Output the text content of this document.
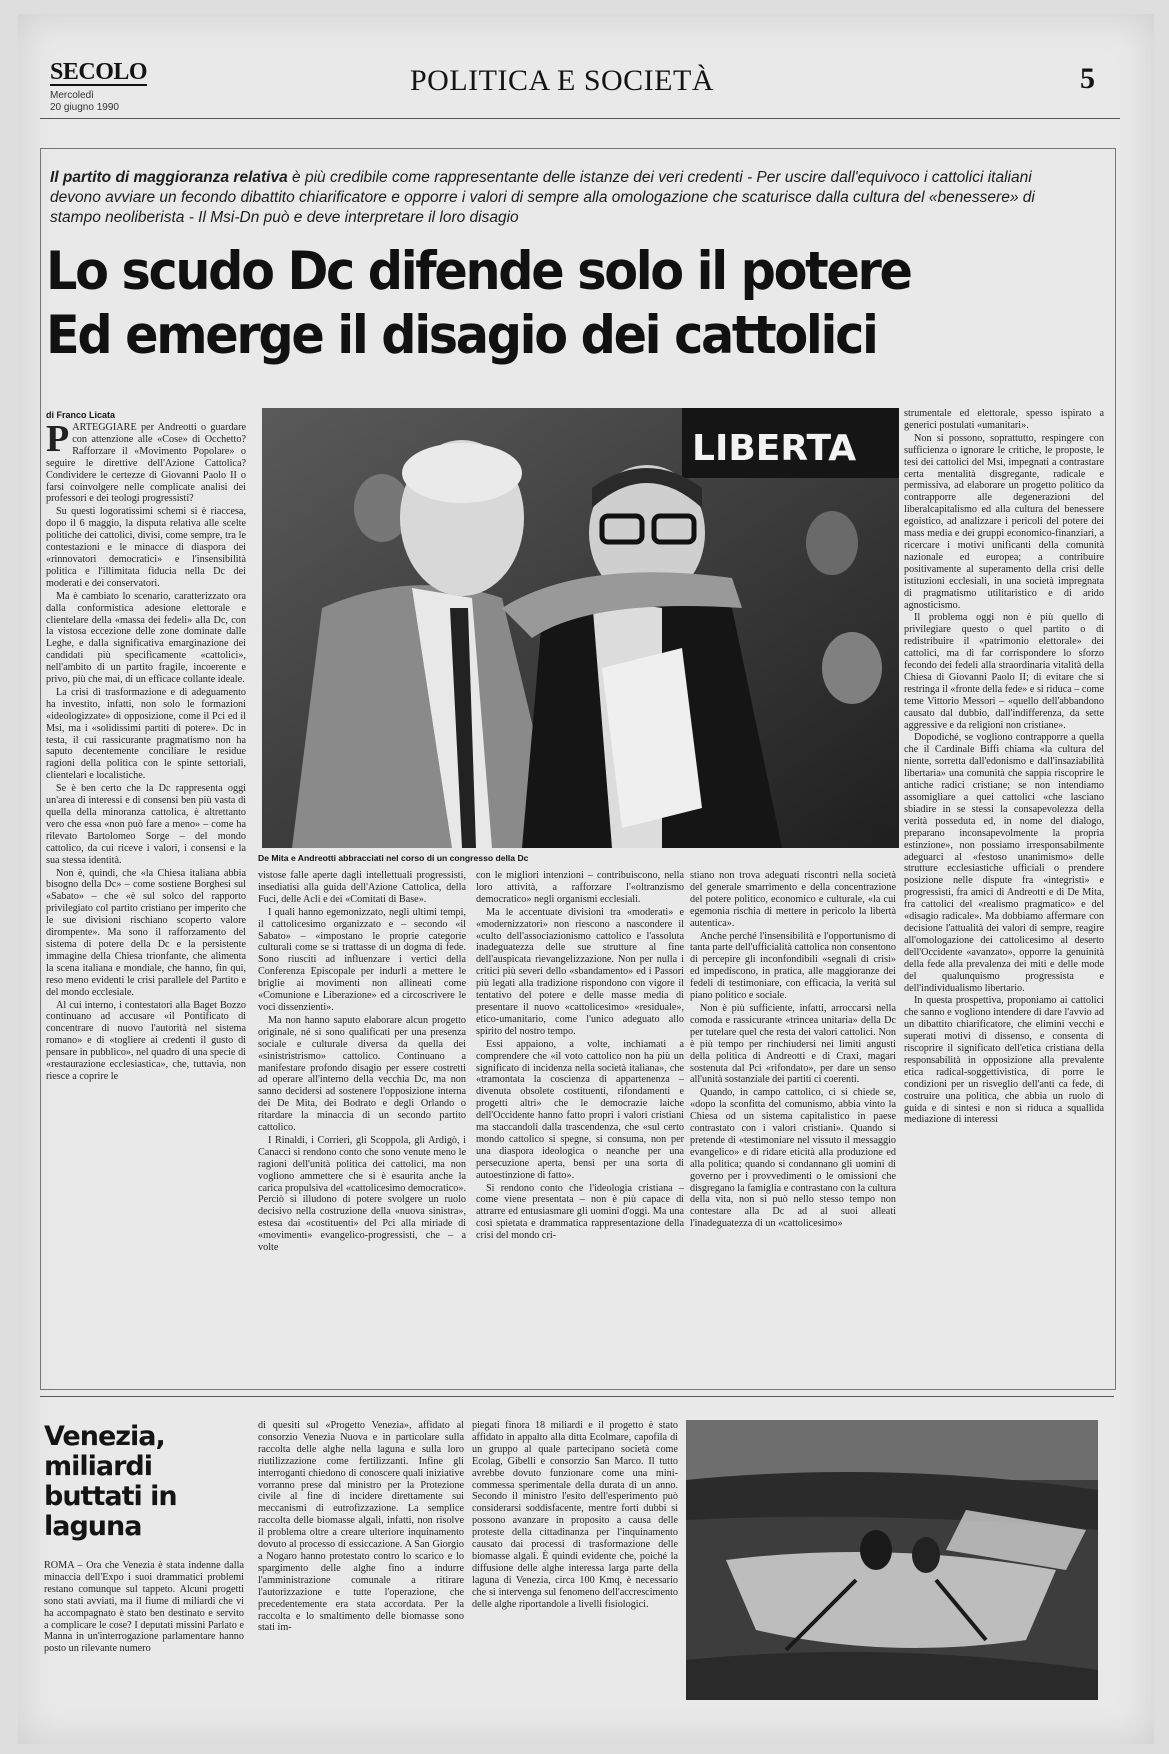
SECOLO
Mercoledì
20 giugno 1990
POLITICA E SOCIETÀ	5
Il partito di maggioranza relativa è più credibile come rappresentante delle istanze dei veri credenti - Per uscire dall'equivoco i cattolici italiani devono avviare un fecondo dibattito chiarificatore e opporre i valori di sempre alla omologazione che scaturisce dalla cultura del «benessere» di stampo neoliberista - Il Msi-Dn può e deve interpretare il loro disagio
Lo scudo Dc difende solo il potere
Ed emerge il disagio dei cattolici
di Franco Licata

PARTEGGIARE per Andreotti o guardare con attenzione alle «Cose» di Occhetto? Rafforzare il «Movimento Popolare» o seguire le direttive dell'Azione Cattolica? Condividere le certezze di Giovanni Paolo II o farsi coinvolgere nelle complicate analisi dei professori e dei teologi progressisti?

Su questi logoratissimi schemi si è riaccesa, dopo il 6 maggio, la disputa relativa alle scelte politiche dei cattolici, divisi, come sempre, tra le contestazioni e le minacce di diaspora dei «rinnovatori democratici» e l'insensibilità politica e l'illimitata fiducia nella Dc dei moderati e dei conservatori.

Ma è cambiato lo scenario, caratterizzato ora dalla conformistica adesione elettorale e clientelare della «massa dei fedeli» alla Dc, con la vistosa eccezione delle zone dominate dalle Leghe, e dalla significativa emarginazione dei candidati più specificamente «cattolici», nell'ambito di un partito fragile, incoerente e privo, più che mai, di un efficace collante ideale.

La crisi di trasformazione e di adeguamento ha investito, infatti, non solo le formazioni «ideologizzate» di opposizione, come il Pci ed il Msi, ma i «solidissimi partiti di potere». Dc in testa, il cui rassicurante pragmatismo non ha saputo decentemente conciliare le residue ragioni della politica con le spinte settoriali, clientelari e localistiche.

Se è ben certo che la Dc rappresenta oggi un'area di interessi e di consensi ben più vasta di quella della minoranza cattolica, è altrettanto vero che essa «non può fare a meno» – come ha rilevato Bartolomeo Sorge – del mondo cattolico, da cui riceve i valori, i consensi e la sua stessa identità.

Non è, quindi, che «la Chiesa italiana abbia bisogno della Dc» – come sostiene Borghesi sul «Sabato» – che «è sul solco del rapporto privilegiato col partito cristiano per imperito che le sue divisioni rischiano scoperto valore dirompente». Ma sono il rafforzamento del sistema di potere della Dc e la persistente immagine della Chiesa trionfante, che alimenta la scena italiana e mondiale, che hanno, fin qui, reso meno evidenti le crisi parallele del Partito e del mondo ecclesiale.

Al cui interno, i contestatori alla Baget Bozzo continuano ad accusare «il Pontificato di concentrare di nuovo l'autorità nel sistema romano» e di «togliere ai credenti il gusto di pensare in pubblico», nel quadro di una specie di «restaurazione ecclesiastica», che, tuttavia, non riesce a coprire le

LIBERTA
De Mita e Andreotti abbracciati nel corso di un congresso della Dc

vistose falle aperte dagli intellettuali progressisti, insediatisi alla guida dell'Azione Cattolica, della Fuci, delle Acli e dei «Comitati di Base».

I quali hanno egemonizzato, negli ultimi tempi, il cattolicesimo organizzato e – secondo «il Sabato» – «impostano le proprie categorie culturali come se si trattasse di un dogma di fede. Sono riusciti ad influenzare i vertici della Conferenza Episcopale per indurli a mettere le briglie ai movimenti non allineati come «Comunione e Liberazione» ed a circoscrivere le voci dissenzienti».

Ma non hanno saputo elaborare alcun progetto originale, né si sono qualificati per una presenza sociale e culturale diversa da quella dei «sinistristrismo» cattolico. Continuano a manifestare profondo disagio per essere costretti ad operare all'interno della vecchia Dc, ma non sanno decidersi ad sostenere l'opposizione interna dei De Mita, dei Bodrato e degli Orlando o ritardare la minaccia di un secondo partito cattolico.

I Rinaldi, i Corrieri, gli Scoppola, gli Ardigò, i Canacci si rendono conto che sono venute meno le ragioni dell'unità politica dei cattolici, ma non vogliono ammettere che si è esaurita anche la carica propulsiva del «cattolicesimo democratico». Perciò si illudono di potere svolgere un ruolo decisivo nella costruzione della «nuova sinistra», estesa dai «costituenti» del Pci alla miriade di «movimenti» evangelico-progressisti, che – a volte

con le migliori intenzioni – contribuiscono, nella loro attività, a rafforzare l'«oltranzismo democratico» negli organismi ecclesiali.

Ma le accentuate divisioni tra «moderati» e «modernizzatori» non riescono a nascondere il «culto dell'associazionismo cattolico e l'assoluta inadeguatezza delle sue strutture al fine dell'auspicata rievangelizzazione. Non per nulla i critici più severi dello «sbandamento» ed i Passori più legati alla tradizione rispondono con vigore il tentativo del potere e delle masse media di presentare il nuovo «cattolicesimo» «residuale», etico-umanitario, come l'unico adeguato allo spirito del nostro tempo.

Essi appaiono, a volte, inchiamati a comprendere che «il voto cattolico non ha più un significato di incidenza nella società italiana», che «tramontata la coscienza di appartenenza – divenuta obsolete costituenti, rifondamenti e progetti altri» che le democrazie laiche dell'Occidente hanno fatto propri i valori cristiani ma staccandoli dalla trascendenza, che «sul certo mondo cattolico si spegne, si consuma, non per una diaspora ideologica o neanche per una persecuzione aperta, bensì per una sorta di autoestinzione di fatto».

Si rendono conto che l'ideologia cristiana – come viene presentata – non è più capace di attrarre ed entusiasmare gli uomini d'oggi. Ma una così spietata e drammatica rappresentazione della crisi del mondo cri-

stiano non trova adeguati riscontri nella società del generale smarrimento e della concentrazione del potere politico, economico e culturale, «la cui egemonia rischia di mettere in pericolo la libertà autentica».

Anche perché l'insensibilità e l'opportunismo di tanta parte dell'ufficialità cattolica non consentono di percepire gli inconfondibili «segnali di crisi» ed impediscono, in pratica, alle maggioranze dei fedeli di testimoniare, con efficacia, la verità sul piano politico e sociale.

Non è più sufficiente, infatti, arroccarsi nella comoda e rassicurante «trincea unitaria» della Dc per tutelare quel che resta dei valori cattolici. Non è più tempo per rinchiudersi nei limiti angusti della politica di Andreotti e di Craxi, magari sostenuta dal Pci «rifondato», per dare un senso all'unità sostanziale dei partiti ci coerenti.

Quando, in campo cattolico, ci si chiede se, «dopo la sconfitta del comunismo, abbia vinto la Chiesa od un sistema capitalistico in paese contrastato con i valori cristiani». Quando si pretende di «testimoniare nel vissuto il messaggio evangelico» e di ridare eticità alla produzione ed alla politica; quando si condannano gli uomini di governo per i provvedimenti o le omissioni che disgregano la famiglia e contrastano con la cultura della vita, non si può nello stesso tempo non contestare alla Dc ad al suoi alleati l'inadeguatezza di un «cattolicesimo»

strumentale ed elettorale, spesso ispirato a generici postulati «umanitari».

Non si possono, soprattutto, respingere con sufficienza o ignorare le critiche, le proposte, le tesi dei cattolici del Msi, impegnati a contrastare certa mentalità disgregante, radicale e permissiva, ad elaborare un progetto politico da contrapporre alle degenerazioni del liberalcapitalismo ed alla cultura del benessere egoistico, ad analizzare i pericoli del potere dei mass media e dei gruppi economico-finanziari, a ricercare i motivi unificanti della comunità nazionale ed europea; a contribuire positivamente al superamento della crisi delle istituzioni ecclesiali, in una società impregnata di pragmatismo utilitaristico e di arido agnosticismo.

Il problema oggi non è più quello di privilegiare questo o quel partito o di redistribuire il «patrimonio elettorale» dei cattolici, ma di far corrispondere lo sforzo fecondo dei fedeli alla straordinaria vitalità della Chiesa di Giovanni Paolo II; di evitare che si restringa il «fronte della fede» e si riduca – come teme Vittorio Messori – «quello dell'abbandono causato dal dubbio, dall'indifferenza, da sette aggressive e da religioni non cristiane».

Dopodiché, se vogliono contrapporre a quella che il Cardinale Biffi chiama «la cultura del niente, sorretta dall'edonismo e dall'insaziabilità libertaria» una comunità che sappia riscoprire le antiche radici cristiane; se non intendiamo assomigliare a quei cattolici «che lasciano sbiadire in se stessi la consapevolezza della verità posseduta ed, in nome del dialogo, preparano inconsapevolmente la propria estinzione», non possiamo irresponsabilmente adeguarci al «festoso unanimismo» delle strutture ecclesiastiche ufficiali o prendere posizione nelle dispute fra «integristi» e progressisti, fra amici di Andreotti e di De Mita, fra cattolici del «realismo pragmatico» e del «disagio radicale». Ma dobbiamo affermare con decisione l'attualità dei valori di sempre, reagire all'omologazione dei cattolicesimo al deserto dell'Occidente «avanzato», opporre la genuinità della fede alla prevalenza dei miti e delle mode del qualunquismo progressista e dell'individualismo libertario.

In questa prospettiva, proponiamo ai cattolici che sanno e vogliono intendere di dare l'avvio ad un dibattito chiarificatore, che elimini vecchi e superati motivi di dissenso, e consenta di riscoprire il significato dell'etica cristiana della responsabilità in opposizione alla prevalente etica radical-soggettivistica, di porre le condizioni per un risveglio dell'anti ca fede, di costruire una politica, che abbia un ruolo di guida e di sintesi e non si riduca a squallida mediazione di interessi

Venezia, miliardi buttati in laguna

ROMA – Ora che Venezia è stata indenne dalla minaccia dell'Expo i suoi drammatici problemi restano comunque sul tappeto. Alcuni progetti sono stati avviati, ma il fiume di miliardi che vi ha accompagnato è stato ben destinato e servito a complicare le cose? I deputati missini Parlato e Manna in un'interrogazione parlamentare hanno posto un rilevante numero

di quesiti sul «Progetto Venezia», affidato al consorzio Venezia Nuova e in particolare sulla raccolta delle alghe nella laguna e sulla loro riutilizzazione come fertilizzanti. Infine gli interroganti chiedono di conoscere quali iniziative vorranno prese dal ministro per la Protezione civile al fine di incidere direttamente sui meccanismi di eutrofizzazione. La semplice raccolta delle biomasse algali, infatti, non risolve il problema oltre a creare ulteriore inquinamento dovuto al processo di essiccazione. A San Giorgio a Nogaro hanno protestato contro lo scarico e lo spargimento delle alghe fino a indurre l'amministrazione comunale a ritirare l'autorizzazione e tutte l'operazione, che precedentemente era stata accordata. Per la raccolta e lo smaltimento delle biomasse sono stati im-

piegati finora 18 miliardi e il progetto è stato affidato in appalto alla ditta Ecolmare, capofila di un gruppo al quale partecipano società come Ecolag, Gibelli e consorzio San Marco. Il tutto avrebbe dovuto funzionare come una mini-commessa sperimentale della durata di un anno. Secondo il ministro l'esito dell'esperimento può considerarsi soddisfacente, mentre forti dubbi si possono avanzare in proposito a causa delle proteste della cittadinanza per l'inquinamento causato dai processi di trasformazione delle biomasse algali. È quindi evidente che, poiché la diffusione delle alghe interessa larga parte della laguna di Venezia, circa 100 Kmq, è necessario che si intervenga sul fenomeno dell'accrescimento delle alghe riportandole a livelli fisiologici.
